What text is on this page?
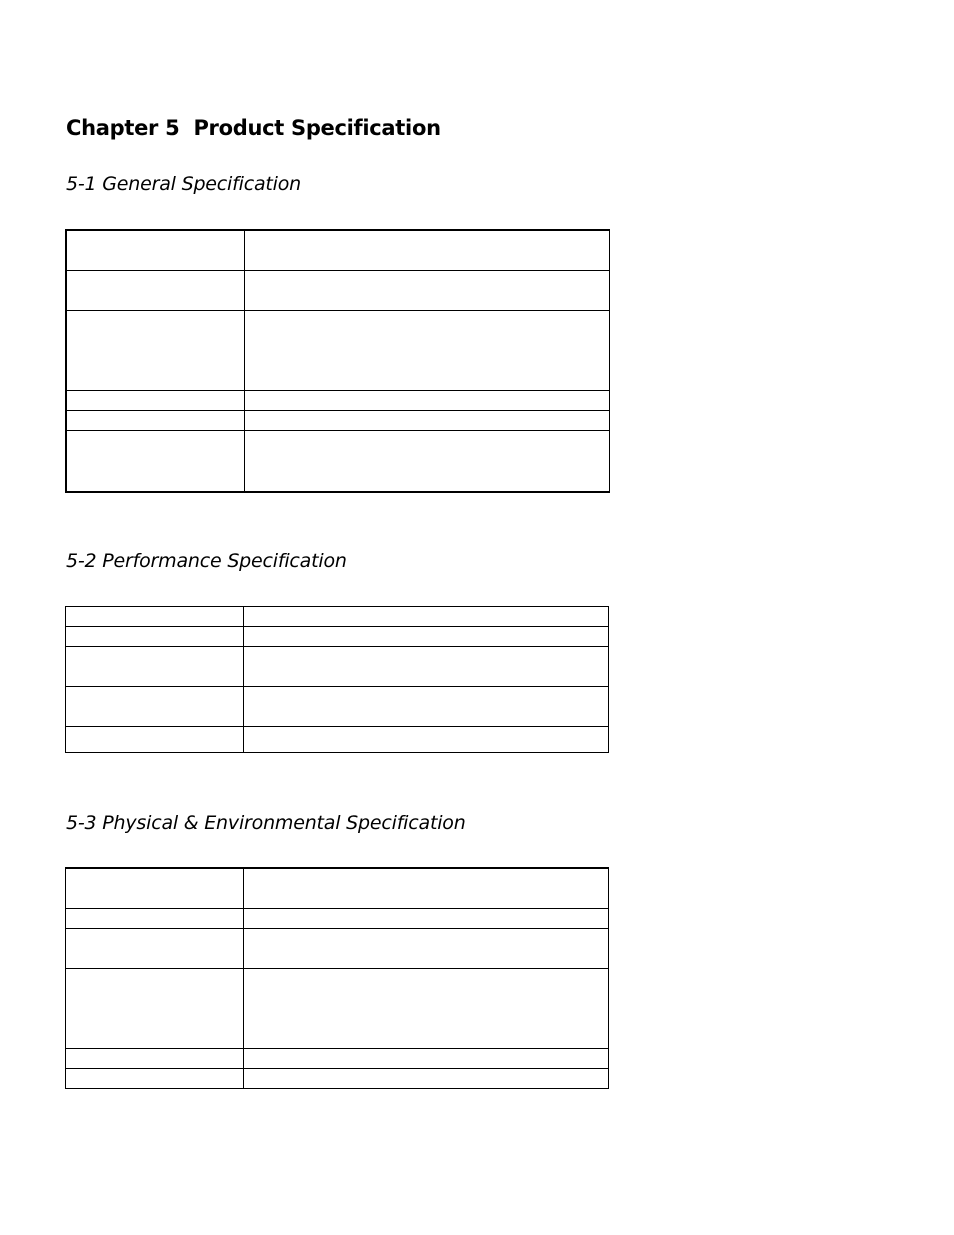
Chapter 5  Product Specification
5-1 General Specification

5-2 Performance Specification

5-3 Physical & Environmental Specification
